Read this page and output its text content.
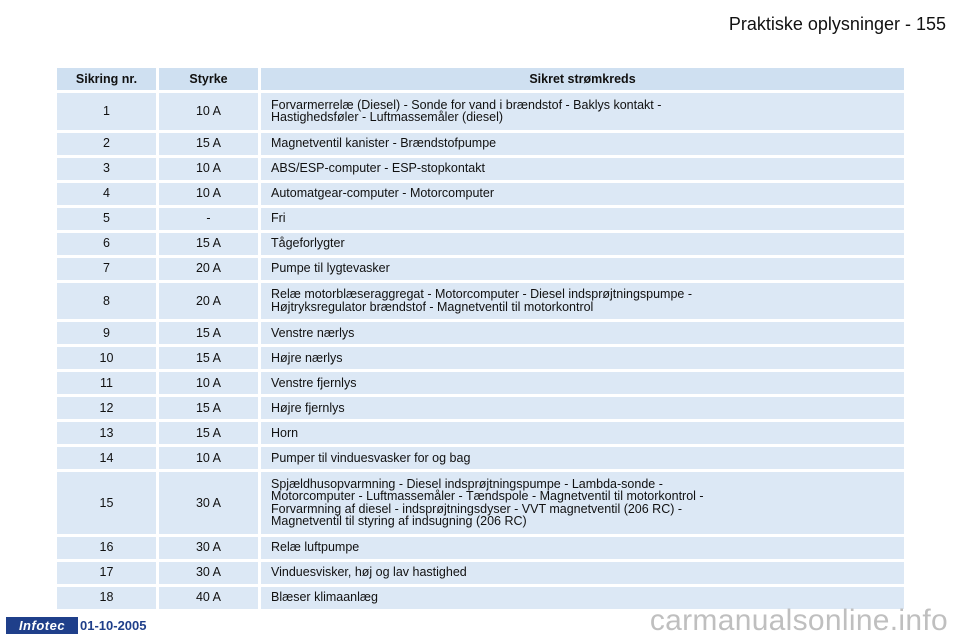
Praktiske oplysninger - 155
Sikring nr.	Styrke	Sikret strømkreds
1	10 A	Forvarmerrelæ (Diesel) - Sonde for vand i brændstof - Baklys kontakt -
Hastighedsføler - Luftmassemåler (diesel)
2	15 A	Magnetventil kanister - Brændstofpumpe
3	10 A	ABS/ESP-computer - ESP-stopkontakt
4	10 A	Automatgear-computer - Motorcomputer
5	-	Fri
6	15 A	Tågeforlygter
7	20 A	Pumpe til lygtevasker
8	20 A	Relæ motorblæseraggregat - Motorcomputer - Diesel indsprøjtningspumpe -
Højtryksregulator brændstof - Magnetventil til motorkontrol
9	15 A	Venstre nærlys
10	15 A	Højre nærlys
11	10 A	Venstre fjernlys
12	15 A	Højre fjernlys
13	15 A	Horn
14	10 A	Pumper til vinduesvasker for og bag
15	30 A
Spjældhusopvarmning - Diesel indsprøjtningspumpe - Lambda-sonde -
Motorcomputer - Luftmassemåler - Tændspole - Magnetventil til motorkontrol -
Forvarmning af diesel - indsprøjtningsdyser - VVT magnetventil (206 RC) -
Magnetventil til styring af indsugning (206 RC)
16	30 A	Relæ luftpumpe
17	30 A	Vinduesvisker, høj og lav hastighed
18	40 A	Blæser klimaanlæg
Infotec	01-10-2005	carmanualsonline.info
